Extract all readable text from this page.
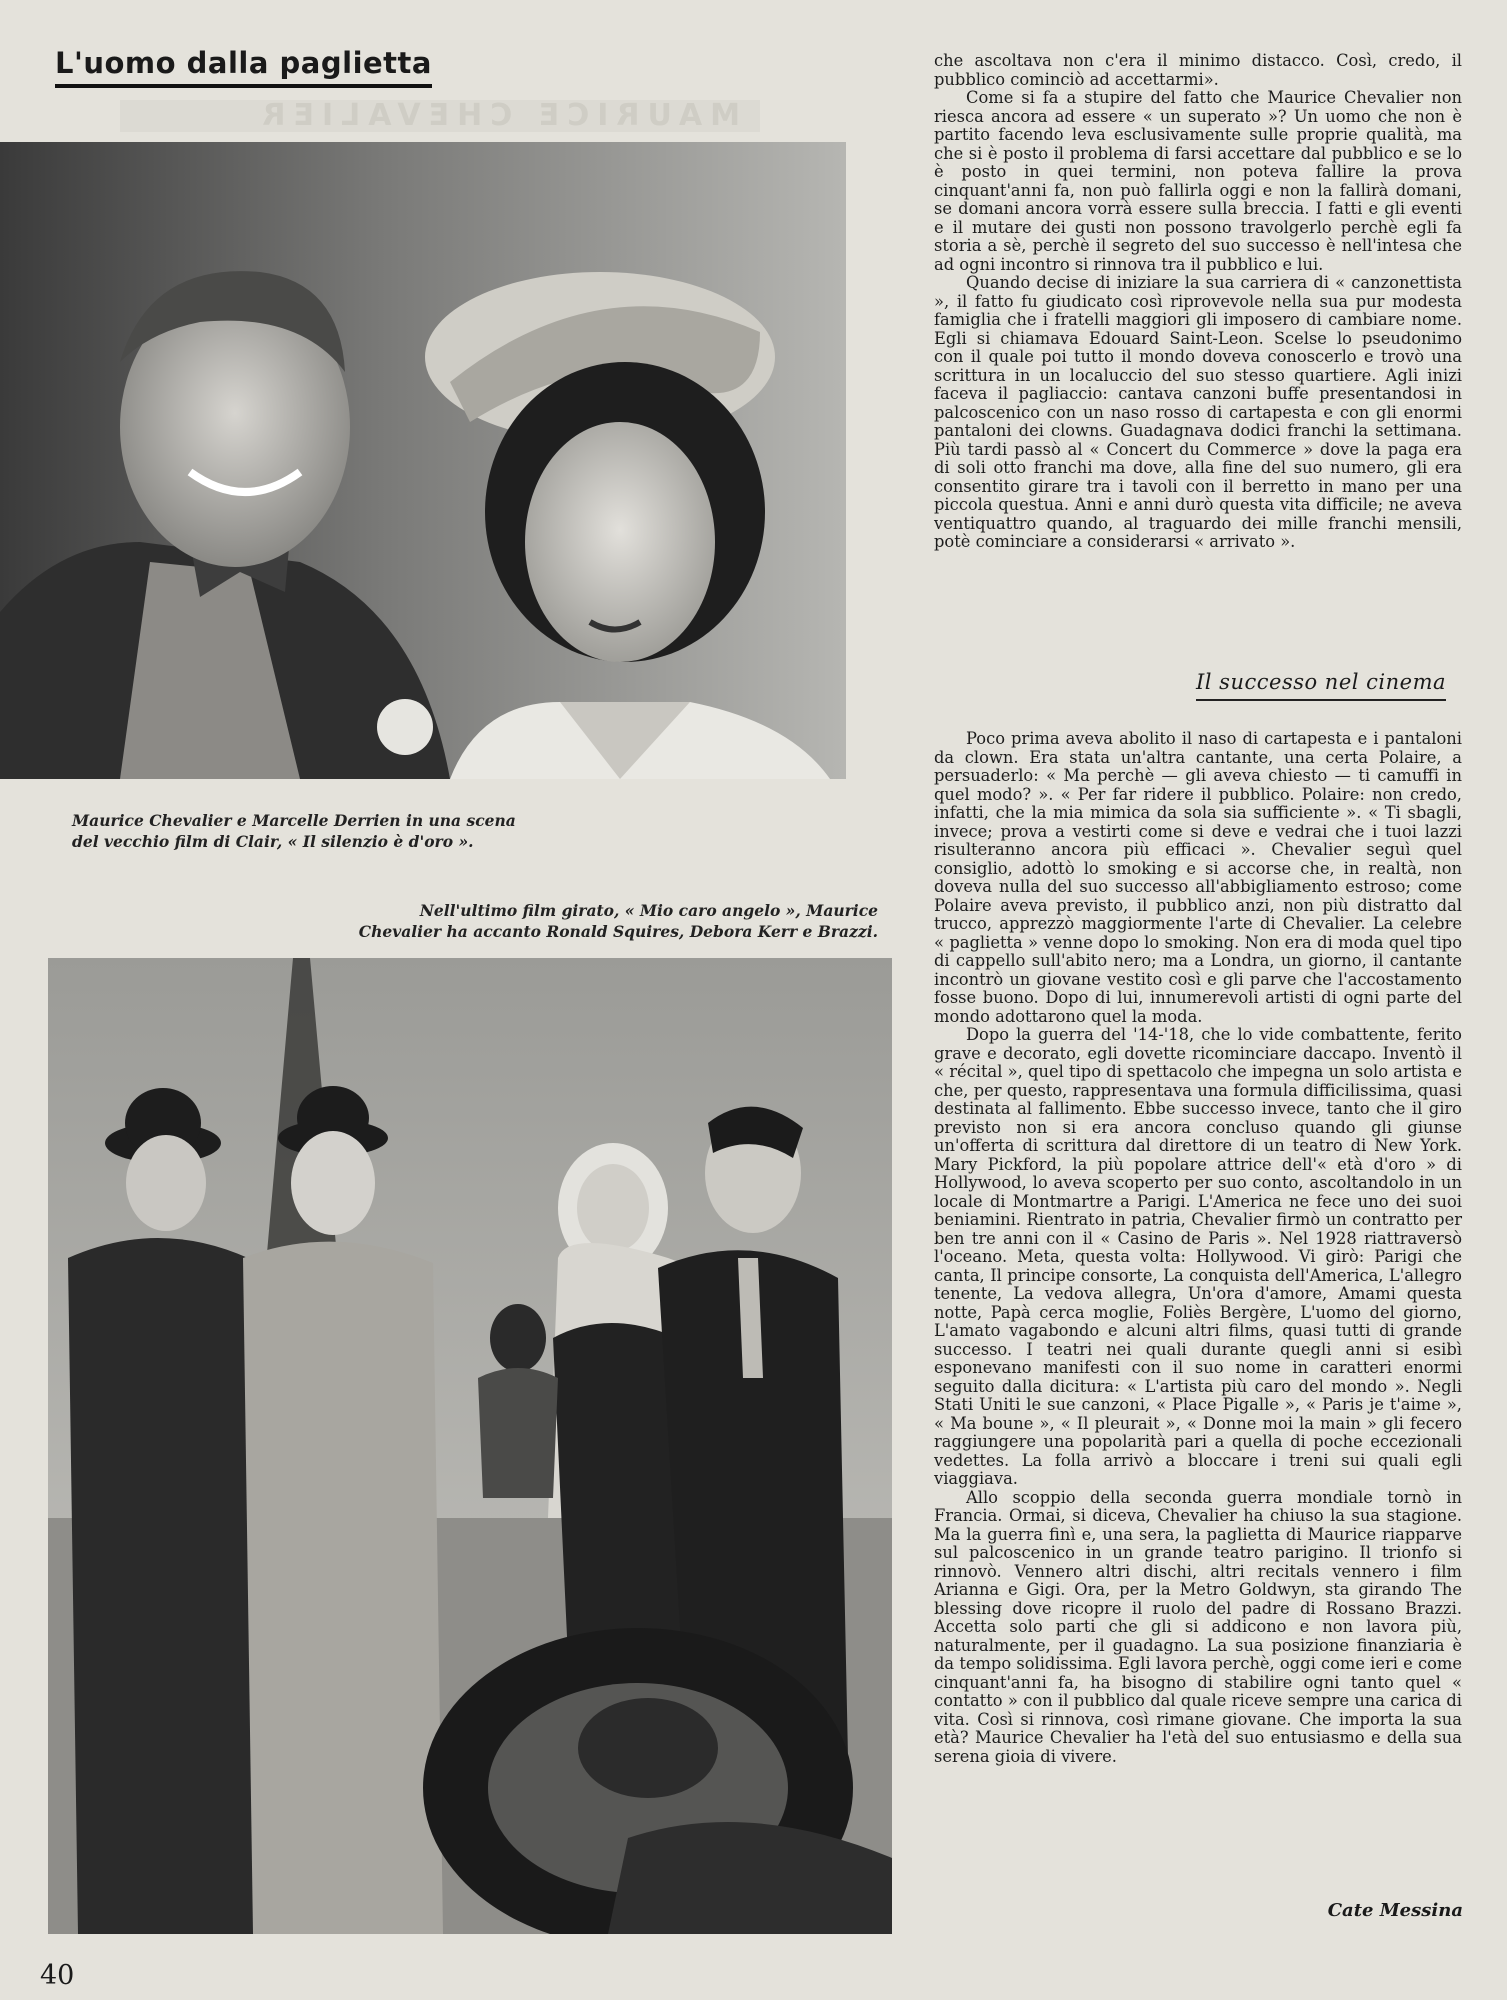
MAURICE CHEVALIER
L'uomo dalla paglietta
Maurice Chevalier e Marcelle Derrien in una scena del vecchio film di Clair, « Il silenzio è d'oro ».
Nell'ultimo film girato, « Mio caro angelo », Maurice Chevalier ha accanto Ronald Squires, Debora Kerr e Brazzi.

che ascoltava non c'era il minimo distacco. Così, credo, il pubblico cominciò ad accettarmi».

Come si fa a stupire del fatto che Maurice Chevalier non riesca ancora ad essere « un superato »? Un uomo che non è partito facendo leva esclusivamente sulle proprie qualità, ma che si è posto il problema di farsi accettare dal pubblico e se lo è posto in quei termini, non poteva fallire la prova cinquant'anni fa, non può fallirla oggi e non la fallirà domani, se domani ancora vorrà essere sulla breccia. I fatti e gli eventi e il mutare dei gusti non possono travolgerlo perchè egli fa storia a sè, perchè il segreto del suo successo è nell'intesa che ad ogni incontro si rinnova tra il pubblico e lui.

Quando decise di iniziare la sua carriera di « canzonettista », il fatto fu giudicato così riprovevole nella sua pur modesta famiglia che i fratelli maggiori gli imposero di cambiare nome. Egli si chiamava Edouard Saint-Leon. Scelse lo pseudonimo con il quale poi tutto il mondo doveva conoscerlo e trovò una scrittura in un localuccio del suo stesso quartiere. Agli inizi faceva il pagliaccio: cantava canzoni buffe presentandosi in palcoscenico con un naso rosso di cartapesta e con gli enormi pantaloni dei clowns. Guadagnava dodici franchi la settimana. Più tardi passò al « Concert du Commerce » dove la paga era di soli otto franchi ma dove, alla fine del suo numero, gli era consentito girare tra i tavoli con il berretto in mano per una piccola questua. Anni e anni durò questa vita difficile; ne aveva ventiquattro quando, al traguardo dei mille franchi mensili, potè cominciare a considerarsi « arrivato ».

Il successo nel cinema

Poco prima aveva abolito il naso di cartapesta e i pantaloni da clown. Era stata un'altra cantante, una certa Polaire, a persuaderlo: « Ma perchè — gli aveva chiesto — ti camuffi in quel modo? ». « Per far ridere il pubblico. Polaire: non credo, infatti, che la mia mimica da sola sia sufficiente ». « Ti sbagli, invece; prova a vestirti come si deve e vedrai che i tuoi lazzi risulteranno ancora più efficaci ». Chevalier seguì quel consiglio, adottò lo smoking e si accorse che, in realtà, non doveva nulla del suo successo all'abbigliamento estroso; come Polaire aveva previsto, il pubblico anzi, non più distratto dal trucco, apprezzò maggiormente l'arte di Chevalier. La celebre « paglietta » venne dopo lo smoking. Non era di moda quel tipo di cappello sull'abito nero; ma a Londra, un giorno, il cantante incontrò un giovane vestito così e gli parve che l'accostamento fosse buono. Dopo di lui, innumerevoli artisti di ogni parte del mondo adottarono quel la moda.

Dopo la guerra del '14-'18, che lo vide combattente, ferito grave e decorato, egli dovette ricominciare daccapo. Inventò il « récital », quel tipo di spettacolo che impegna un solo artista e che, per questo, rappresentava una formula difficilissima, quasi destinata al fallimento. Ebbe successo invece, tanto che il giro previsto non si era ancora concluso quando gli giunse un'offerta di scrittura dal direttore di un teatro di New York. Mary Pickford, la più popolare attrice dell'« età d'oro » di Hollywood, lo aveva scoperto per suo conto, ascoltandolo in un locale di Montmartre a Parigi. L'America ne fece uno dei suoi beniamini. Rientrato in patria, Chevalier firmò un contratto per ben tre anni con il « Casino de Paris ». Nel 1928 riattraversò l'oceano. Meta, questa volta: Hollywood. Vi girò: Parigi che canta, Il principe consorte, La conquista dell'America, L'allegro tenente, La vedova allegra, Un'ora d'amore, Amami questa notte, Papà cerca moglie, Foliès Bergère, L'uomo del giorno, L'amato vagabondo e alcuni altri films, quasi tutti di grande successo. I teatri nei quali durante quegli anni si esibì esponevano manifesti con il suo nome in caratteri enormi seguito dalla dicitura: « L'artista più caro del mondo ». Negli Stati Uniti le sue canzoni, « Place Pigalle », « Paris je t'aime », « Ma boune », « Il pleurait », « Donne moi la main » gli fecero raggiungere una popolarità pari a quella di poche eccezionali vedettes. La folla arrivò a bloccare i treni sui quali egli viaggiava.

Allo scoppio della seconda guerra mondiale tornò in Francia. Ormai, si diceva, Chevalier ha chiuso la sua stagione. Ma la guerra finì e, una sera, la paglietta di Maurice riapparve sul palcoscenico in un grande teatro parigino. Il trionfo si rinnovò. Vennero altri dischi, altri recitals vennero i film Arianna e Gigi. Ora, per la Metro Goldwyn, sta girando The blessing dove ricopre il ruolo del padre di Rossano Brazzi. Accetta solo parti che gli si addicono e non lavora più, naturalmente, per il guadagno. La sua posizione finanziaria è da tempo solidissima. Egli lavora perchè, oggi come ieri e come cinquant'anni fa, ha bisogno di stabilire ogni tanto quel « contatto » con il pubblico dal quale riceve sempre una carica di vita. Così si rinnova, così rimane giovane. Che importa la sua età? Maurice Chevalier ha l'età del suo entusiasmo e della sua serena gioia di vivere.

Cate Messina
40
